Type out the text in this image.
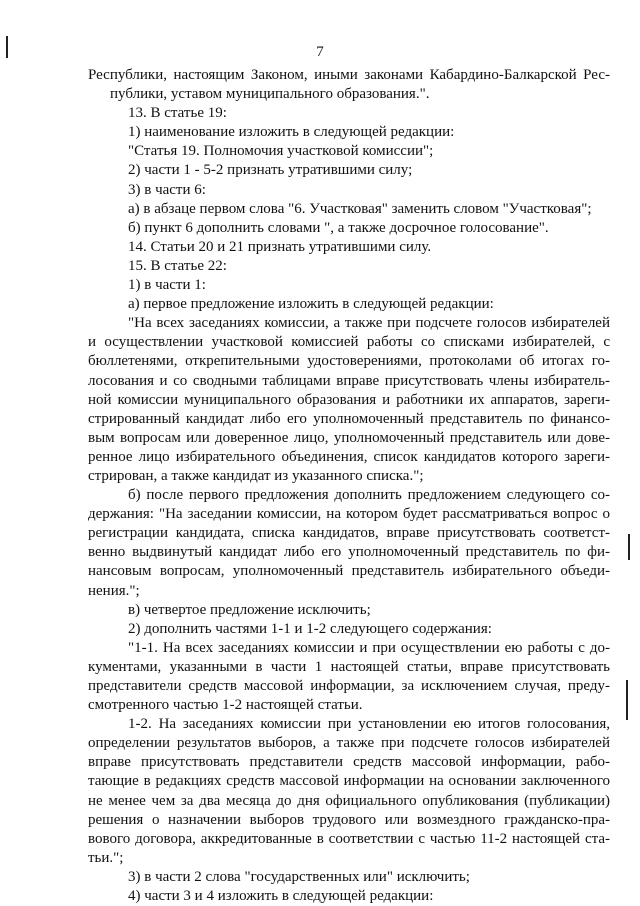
7

Республики, настоящим Законом, иными законами Кабардино-Балкарской Рес-

публики, уставом муниципального образования.".

13. В статье 19:

1) наименование изложить в следующей редакции:

"Статья 19. Полномочия участковой комиссии";

2) части 1 - 5-2 признать утратившими силу;

3) в части 6:

а) в абзаце первом слова "6. Участковая" заменить словом "Участковая";

б) пункт 6 дополнить словами ", а также досрочное голосование".

14. Статьи 20 и 21 признать утратившими силу.

15. В статье 22:

1) в части 1:

а) первое предложение изложить в следующей редакции:

"На всех заседаниях комиссии, а также при подсчете голосов избирателей

и осуществлении участковой комиссией работы со списками избирателей, с

бюллетенями, открепительными удостоверениями, протоколами об итогах го-

лосования и со сводными таблицами вправе присутствовать члены избиратель-

ной комиссии муниципального образования и работники их аппаратов, зареги-

стрированный кандидат либо его уполномоченный представитель по финансо-

вым вопросам или доверенное лицо, уполномоченный представитель или дове-

ренное лицо избирательного объединения, список кандидатов которого зареги-

стрирован, а также кандидат из указанного списка.";

б) после первого предложения дополнить предложением следующего со-

держания: "На заседании комиссии, на котором будет рассматриваться вопрос о

регистрации кандидата, списка кандидатов, вправе присутствовать соответст-

венно выдвинутый кандидат либо его уполномоченный представитель по фи-

нансовым вопросам, уполномоченный представитель избирательного объеди-

нения.";

в) четвертое предложение исключить;

2) дополнить частями 1-1 и 1-2 следующего содержания:

"1-1. На всех заседаниях комиссии и при осуществлении ею работы с до-

кументами, указанными в части 1 настоящей статьи, вправе присутствовать

представители средств массовой информации, за исключением случая, преду-

смотренного частью 1-2 настоящей статьи.

1-2. На заседаниях комиссии при установлении ею итогов голосования,

определении результатов выборов, а также при подсчете голосов избирателей

вправе присутствовать представители средств массовой информации, рабо-

тающие в редакциях средств массовой информации на основании заключенного

не менее чем за два месяца до дня официального опубликования (публикации)

решения о назначении выборов трудового или возмездного гражданско-пра-

вового договора, аккредитованные в соответствии с частью 11-2 настоящей ста-

тьи.";

3) в части 2 слова "государственных или" исключить;

4) части 3 и 4 изложить в следующей редакции:
